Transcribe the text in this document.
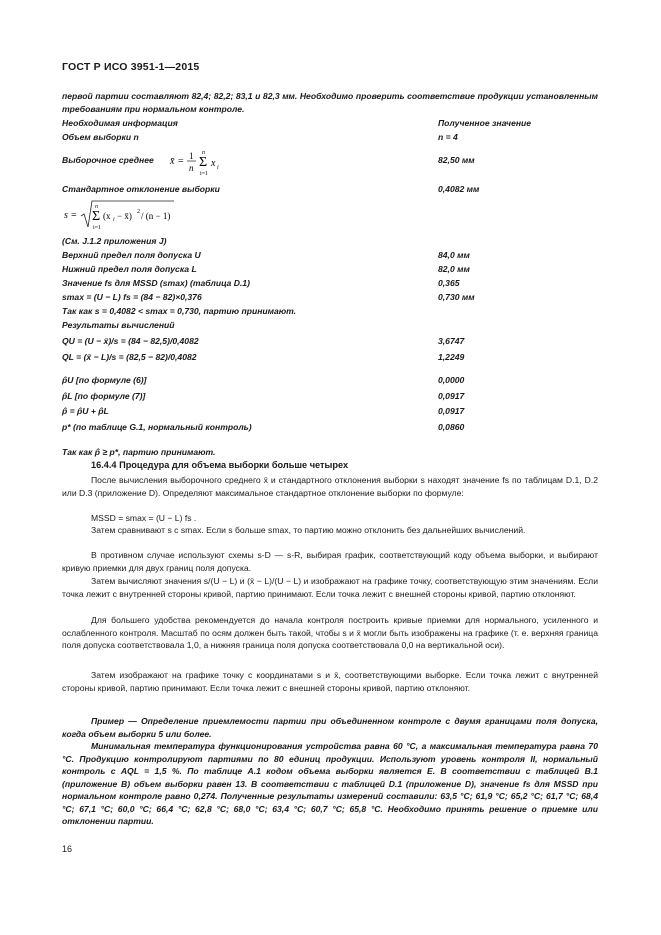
ГОСТ Р ИСО 3951-1—2015
первой партии составляют 82,4; 82,2; 83,1 и 82,3 мм. Необходимо проверить соответствие продукции установленным требованиям при нормальном контроле.
Необходимая информация	Полученное значение
Объем выборки n	n = 4
Выборочное среднее	82,50 мм
x̄ = 1
n Σ
n
i=1
x i
Стандартное отклонение выборки	0,4082 мм
s = Σ
n
i=1
(x i − x̄) 2 / (n − 1)
(См. J.1.2 приложения J)
Верхний предел поля допуска U	84,0 мм
Нижний предел поля допуска L	82,0 мм
Значение fs для MSSD (smax) (таблица D.1)	0,365
smax = (U − L) fs = (84 − 82)×0,376	0,730 мм
Так как s = 0,4082 < smax = 0,730, партию принимают.
Результаты вычислений
QU = (U − x̄)/s = (84 − 82,5)/0,4082	3,6747
QL = (x̄ − L)/s = (82,5 − 82)/0,4082	1,2249
p̂U [по формуле (6)]	0,0000
p̂L [по формуле (7)]	0,0917
p̂ = p̂U + p̂L	0,0917
p* (по таблице G.1, нормальный контроль)	0,0860
Так как p̂ ≥ p*, партию принимают.
16.4.4 Процедура для объема выборки больше четырех
После вычисления выборочного среднего x̄ и стандартного отклонения выборки s находят значение fs по таблицам D.1, D.2 или D.3 (приложение D). Определяют максимальное стандартное отклонение выборки по формуле:
MSSD = smax = (U − L) fs .
Затем сравнивают s с smax. Если s больше smax, то партию можно отклонить без дальнейших вычислений.
В противном случае используют схемы s-D — s-R, выбирая график, соответствующий коду объема выборки, и выбирают кривую приемки для двух границ поля допуска.
Затем вычисляют значения s/(U − L) и (x̄ − L)/(U − L) и изображают на графике точку, соответствующую этим значениям. Если точка лежит с внутренней стороны кривой, партию принимают. Если точка лежит с внешней стороны кривой, партию отклоняют.
Для большего удобства рекомендуется до начала контроля построить кривые приемки для нормального, усиленного и ослабленного контроля. Масштаб по осям должен быть такой, чтобы s и x̄ могли быть изображены на графике (т. е. верхняя граница поля допуска соответствовала 1,0, а нижняя граница поля допуска соответствовала 0,0 на вертикальной оси).
Затем изображают на графике точку с координатами s и x̄, соответствующими выборке. Если точка лежит с внутренней стороны кривой, партию принимают. Если точка лежит с внешней стороны кривой, партию отклоняют.
Пример — Определение приемлемости партии при объединенном контроле с двумя границами поля допуска, когда объем выборки 5 или более.
Минимальная температура функционирования устройства равна 60 °C, а максимальная температура равна 70 °C. Продукцию контролируют партиями по 80 единиц продукции. Используют уровень контроля II, нормальный контроль с AQL = 1,5 %. По таблице A.1 кодом объема выборки является E. В соответствии с таблицей B.1 (приложение B) объем выборки равен 13. В соответствии с таблицей D.1 (приложение D), значение fs для MSSD при нормальном контроле равно 0,274. Полученные результаты измерений составили: 63,5 °C; 61,9 °C; 65,2 °C; 61,7 °C; 68,4 °C; 67,1 °C; 60,0 °C; 66,4 °C; 62,8 °C; 68,0 °C; 63,4 °C; 60,7 °C; 65,8 °C. Необходимо принять решение о приемке или отклонении партии.
16
